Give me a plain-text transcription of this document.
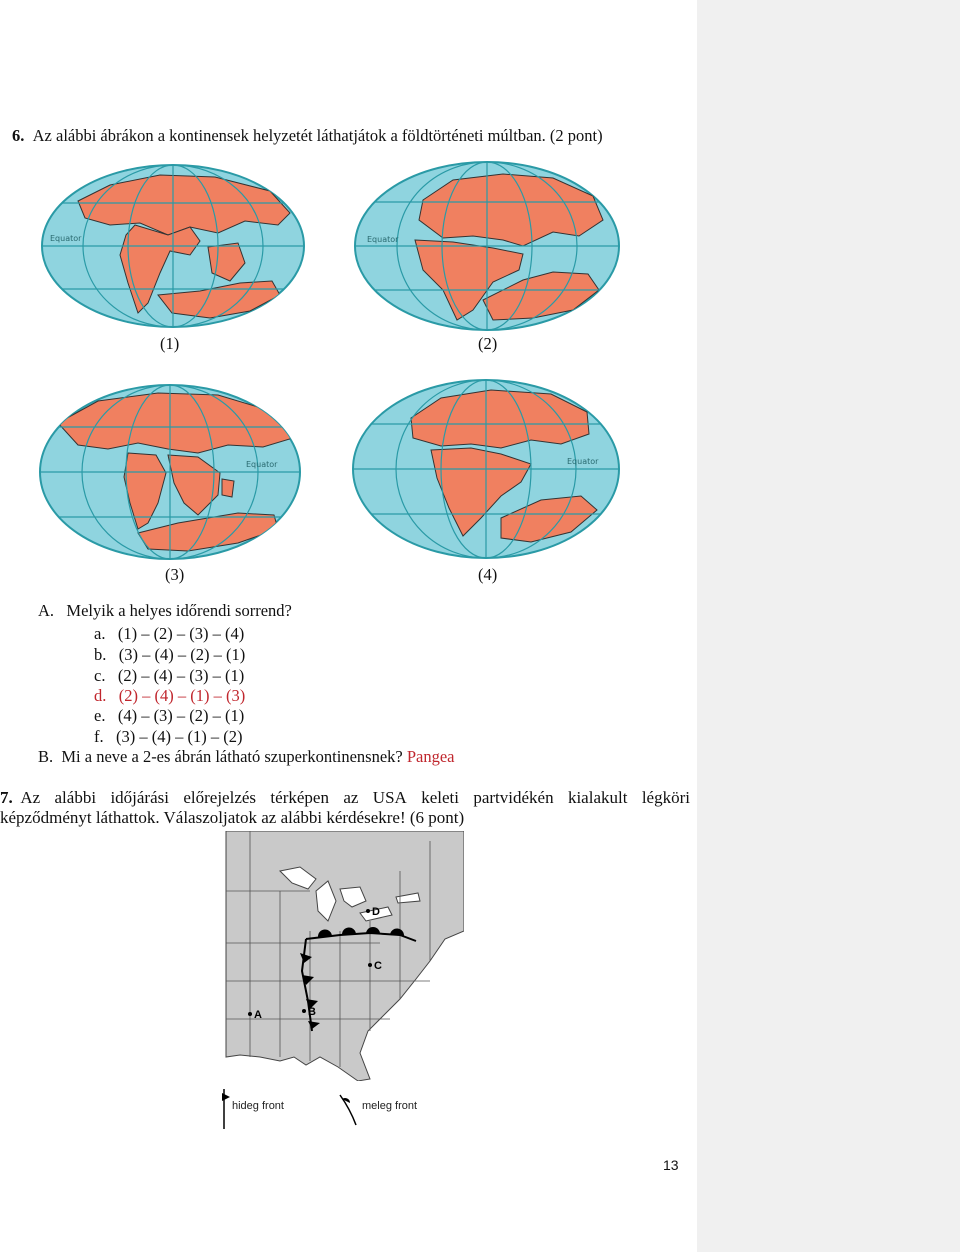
6. Az alábbi ábrákon a kontinensek helyzetét láthatjátok a földtörténeti múltban. (2 pont)
Equator
(1)
Equator
(2)
Equator
(3)
Equator
(4)
A. Melyik a helyes időrendi sorrend?
a. (1) – (2) – (3) – (4)
b. (3) – (4) – (2) – (1)
c. (2) – (4) – (3) – (1)
d. (2) – (4) – (1) – (3)
e. (4) – (3) – (2) – (1)
f. (3) – (4) – (1) – (2)
B. Mi a neve a 2-es ábrán látható szuperkontinensnek? Pangea
7. Az alábbi időjárási előrejelzés térképen az USA keleti partvidékén kialakult légköri
képződményt láthattok. Válaszoljatok az alábbi kérdésekre! (6 pont)
A	B
C
D
hideg front	meleg front
13
